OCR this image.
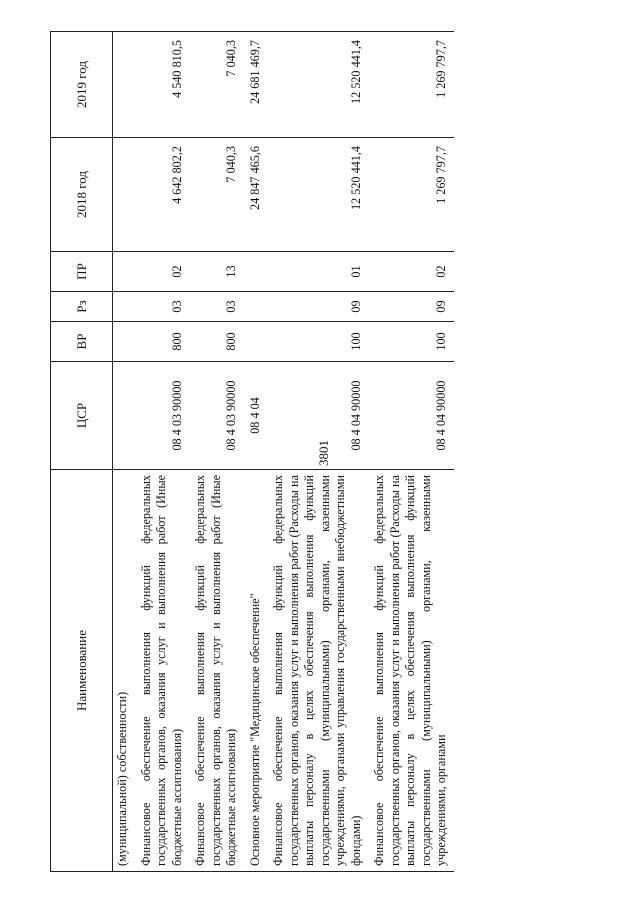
3801
Наименование	ЦСР	ВР	Рз	ПР	2018 год	2019 год
(муниципальной) собственности)						
Финансовое обеспечение выполнения функций федеральных государственных органов, оказания услуг и выполнения работ (Иные бюджетные ассигнования)	08 4 03 90000	800	03	02	4 642 802,2	4 540 810,5
Финансовое обеспечение выполнения функций федеральных государственных органов, оказания услуг и выполнения работ (Иные бюджетные ассигнования)	08 4 03 90000	800	03	13	7 040,3	7 040,3
Основное мероприятие "Медицинское обеспечение"	08 4 04				24 847 465,6	24 681 469,7
Финансовое обеспечение выполнения функций федеральных государственных органов, оказания услуг и выполнения работ (Расходы на выплаты персоналу в целях обеспечения выполнения функций государственными (муниципальными) органами, казенными учреждениями, органами управления государственными внебюджетными фондами)	08 4 04 90000	100	09	01	12 520 441,4	12 520 441,4
Финансовое обеспечение выполнения функций федеральных государственных органов, оказания услуг и выполнения работ (Расходы на выплаты персоналу в целях обеспечения выполнения функций государственными (муниципальными) органами, казенными учреждениями, органами	08 4 04 90000	100	09	02	1 269 797,7	1 269 797,7
